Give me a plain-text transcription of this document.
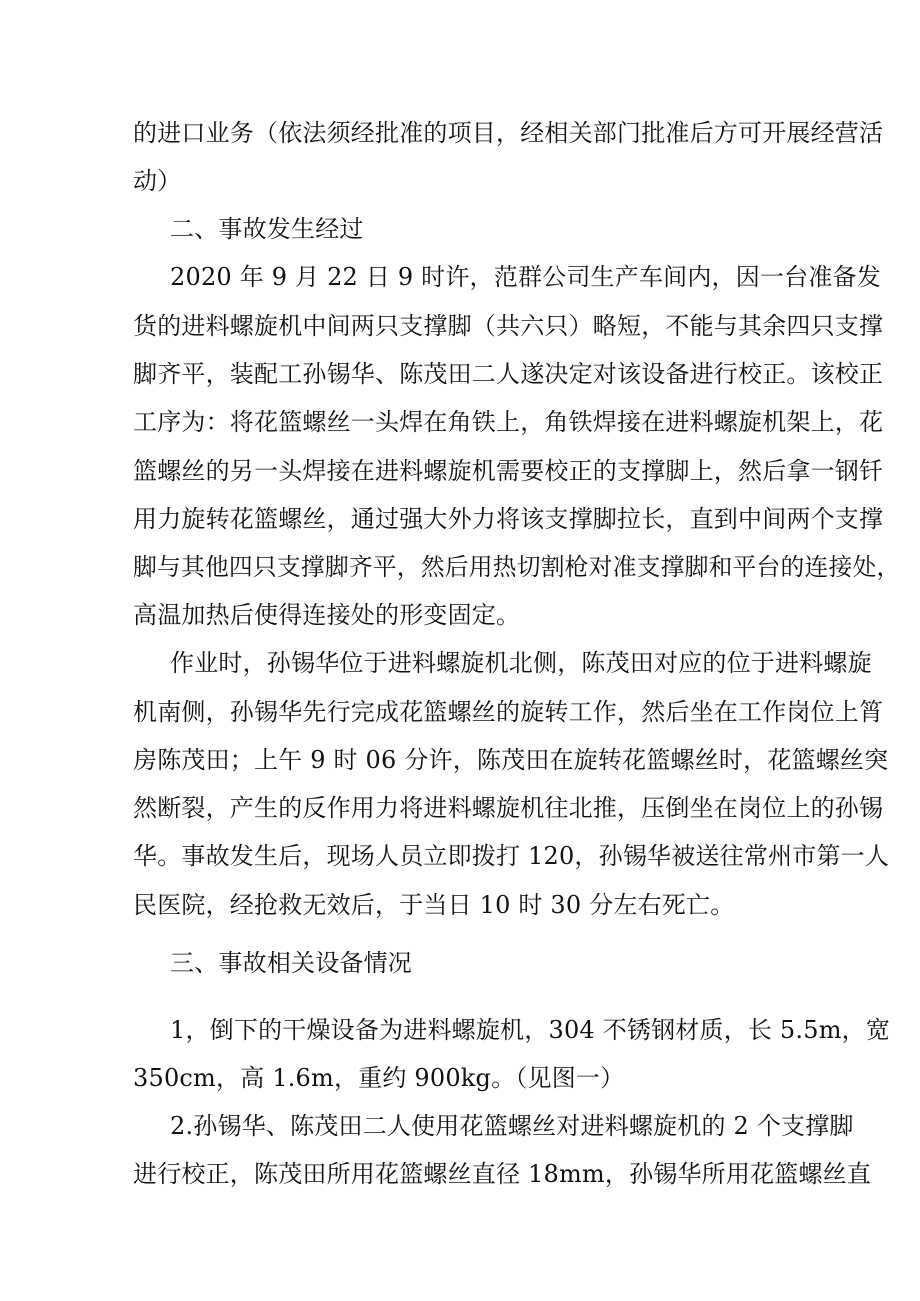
的进口业务（依法须经批准的项目，经相关部门批准后方可开展经营活
动）
二、事故发生经过
2020 年 9 月 22 日 9 时许，范群公司生产车间内，因一台准备发
货的进料螺旋机中间两只支撑脚（共六只）略短，不能与其余四只支撑
脚齐平，装配工孙锡华、陈茂田二人遂决定对该设备进行校正。该校正
工序为：将花篮螺丝一头焊在角铁上，角铁焊接在进料螺旋机架上，花
篮螺丝的另一头焊接在进料螺旋机需要校正的支撑脚上，然后拿一钢钎
用力旋转花篮螺丝，通过强大外力将该支撑脚拉长，直到中间两个支撑
脚与其他四只支撑脚齐平，然后用热切割枪对准支撑脚和平台的连接处，
高温加热后使得连接处的形变固定。
作业时，孙锡华位于进料螺旋机北侧，陈茂田对应的位于进料螺旋
机南侧，孙锡华先行完成花篮螺丝的旋转工作，然后坐在工作岗位上筲
房陈茂田；上午 9 时 06 分许，陈茂田在旋转花篮螺丝时，花篮螺丝突
然断裂，产生的反作用力将进料螺旋机往北推，压倒坐在岗位上的孙锡
华。事故发生后，现场人员立即拨打 120，孙锡华被送往常州市第一人
民医院，经抢救无效后，于当日 10 时 30 分左右死亡。
三、事故相关设备情况
1，倒下的干燥设备为进料螺旋机，304 不锈钢材质，长 5.5m，宽
350cm，高 1.6m，重约 900kg。（见图一）
2.孙锡华、陈茂田二人使用花篮螺丝对进料螺旋机的 2 个支撑脚
进行校正，陈茂田所用花篮螺丝直径 18mm，孙锡华所用花篮螺丝直
